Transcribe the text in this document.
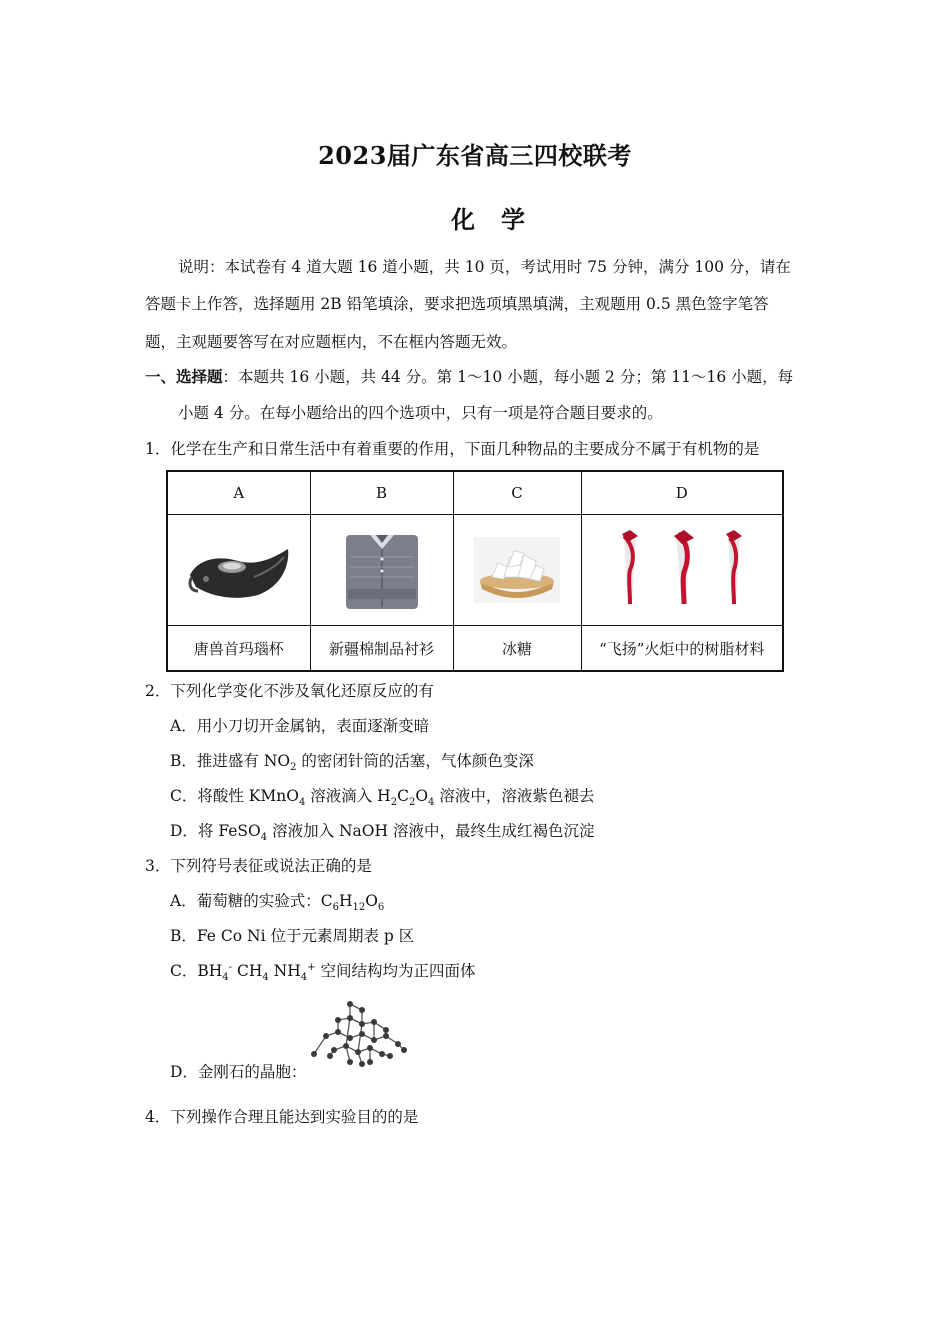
2023届广东省高三四校联考
化学
说明：本试卷有 4 道大题 16 道小题，共 10 页，考试用时 75 分钟，满分 100 分，请在
答题卡上作答，选择题用 2B 铅笔填涂，要求把选项填黑填满，主观题用 0.5 黑色签字笔答
题，主观题要答写在对应题框内，不在框内答题无效。
一、选择题：本题共 16 小题，共 44 分。第 1～10 小题，每小题 2 分；第 11～16 小题，每
小题 4 分。在每小题给出的四个选项中，只有一项是符合题目要求的。
1．化学在生产和日常生活中有着重要的作用，下面几种物品的主要成分不属于有机物的是
A	B	C	D

唐兽首玛瑙杯	新疆棉制品衬衫	冰糖	“飞扬”火炬中的树脂材料
2．下列化学变化不涉及氧化还原反应的有
A．用小刀切开金属钠，表面逐渐变暗
B．推进盛有 $NO_2$ 的密闭针筒的活塞，气体颜色变深
C．将酸性 KMnO$_4$ 溶液滴入 $H_2C_2O_4$ 溶液中，溶液紫色褪去
D．将 FeSO$_4$ 溶液加入 NaOH 溶液中，最终生成红褐色沉淀
3．下列符号表征或说法正确的是
A．葡萄糖的实验式：$C_6H_{12}O_6$
B．Fe Co Ni 位于元素周期表 p 区
C．$BH_4^-$ $CH_4$ $NH_4^+$ 空间结构均为正四面体
D．金刚石的晶胞：
4．下列操作合理且能达到实验目的的是
